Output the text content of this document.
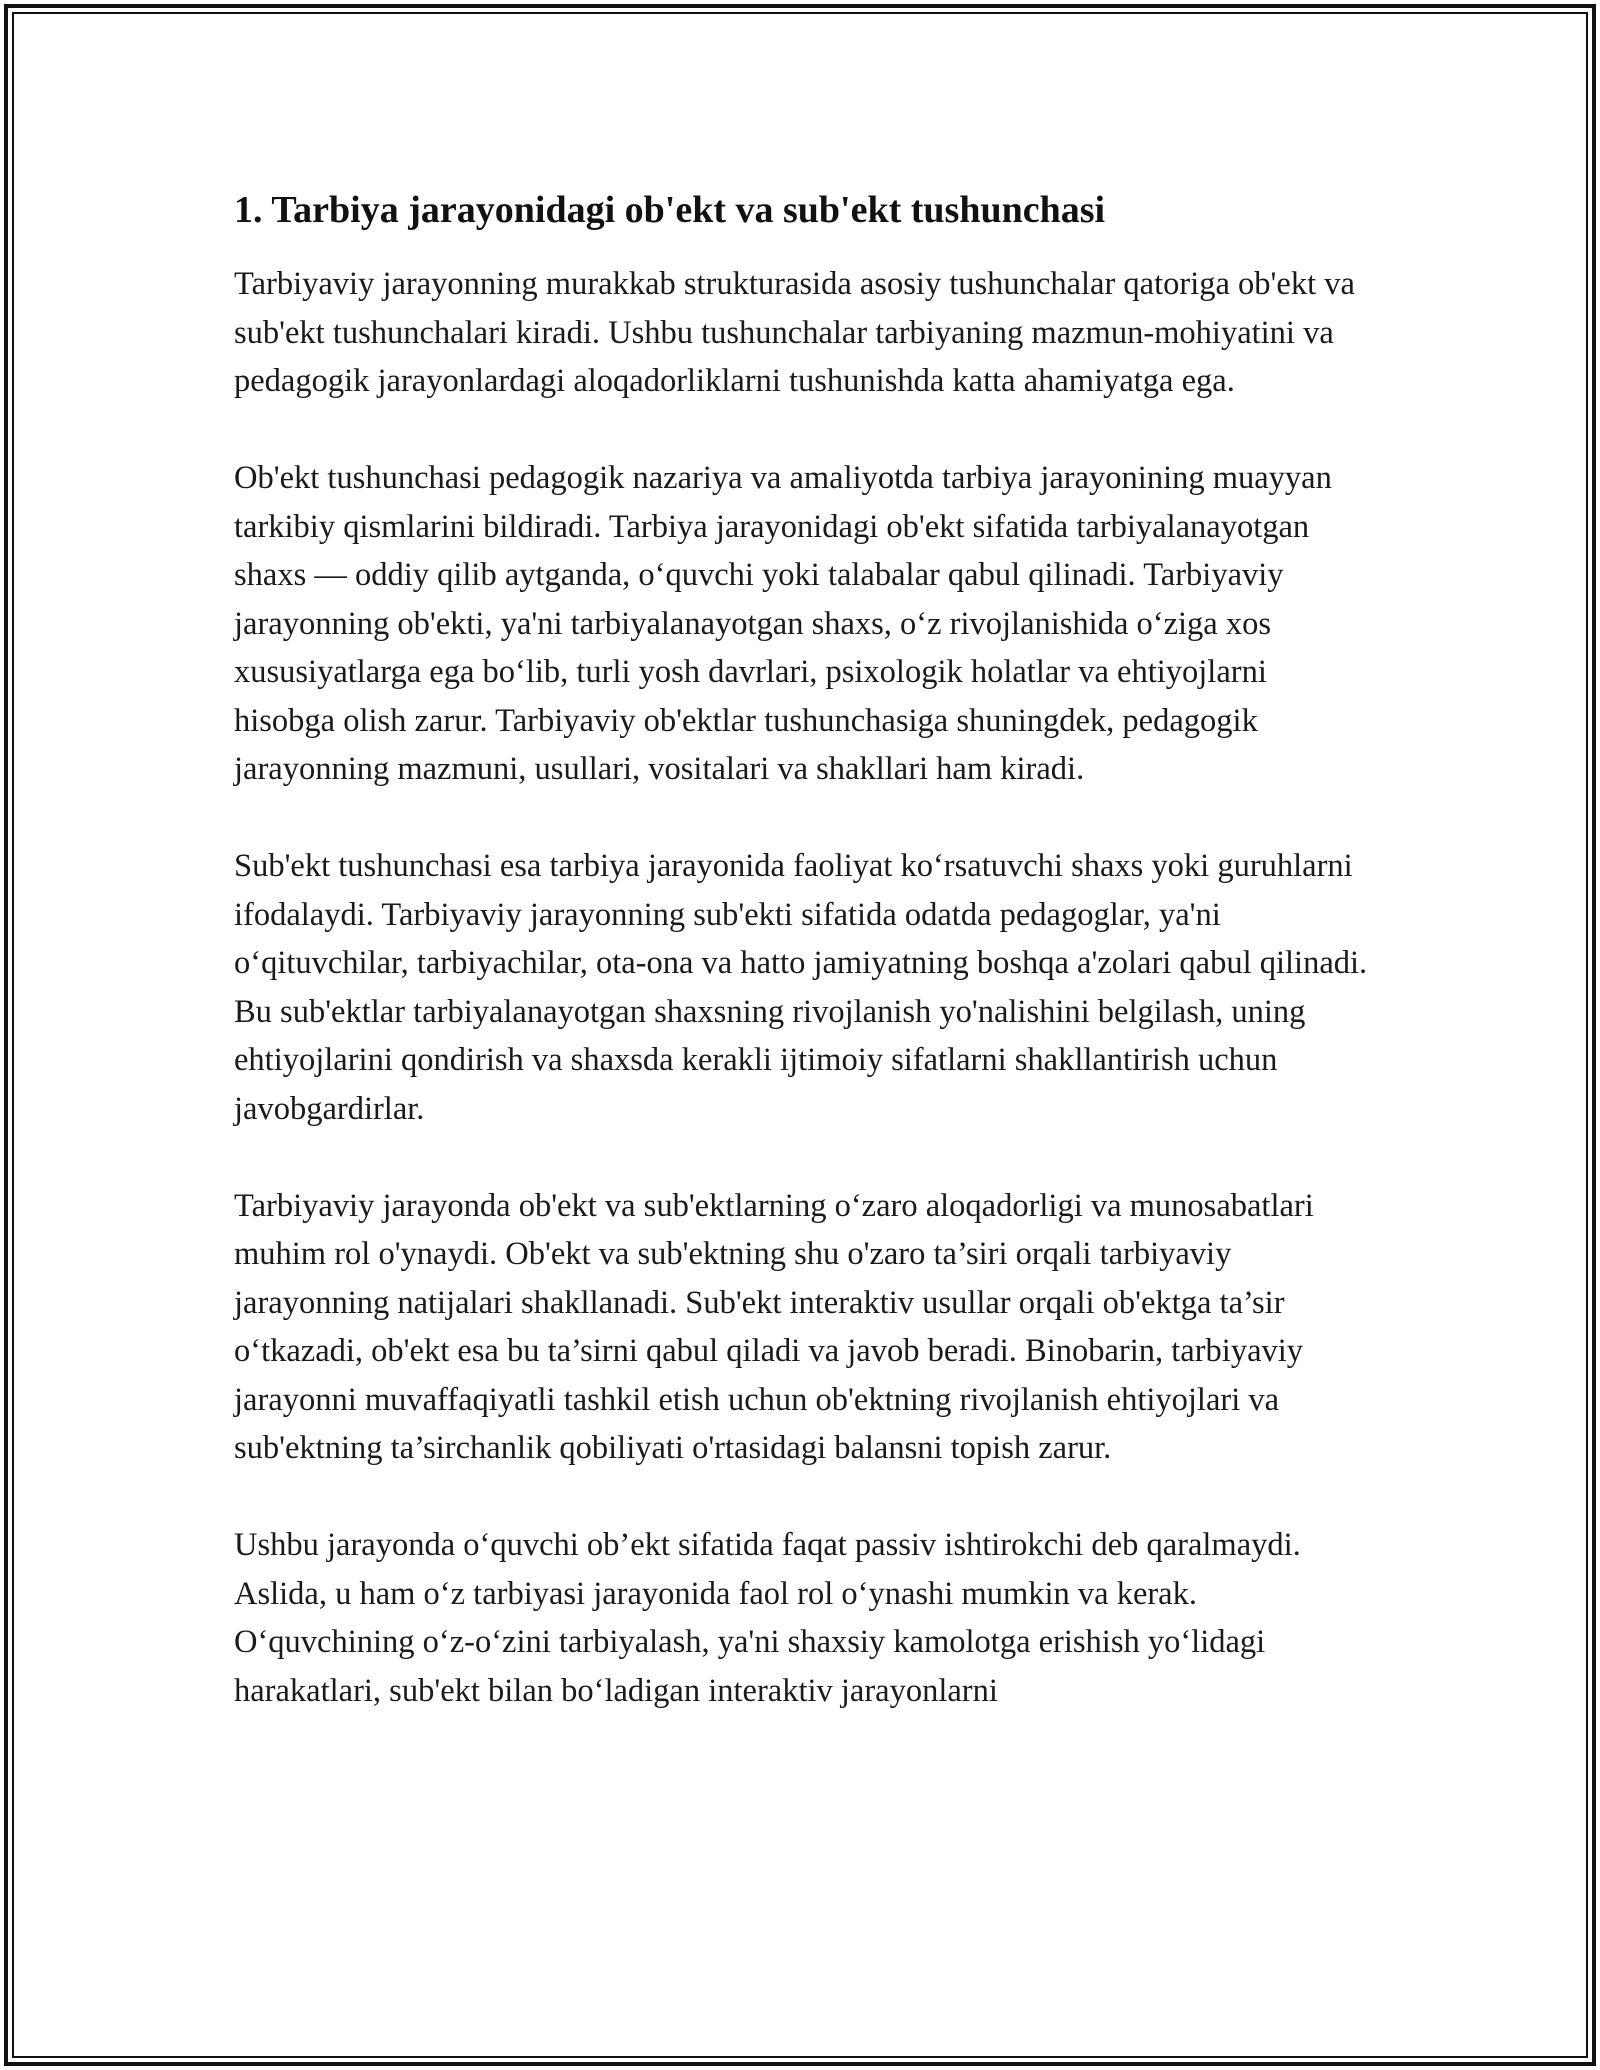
1. Tarbiya jarayonidagi ob'ekt va sub'ekt tushunchasi

Tarbiyaviy jarayonning murakkab strukturasida asosiy tushunchalar qatoriga ob'ekt va sub'ekt tushunchalari kiradi. Ushbu tushunchalar tarbiyaning mazmun-mohiyatini va pedagogik jarayonlardagi aloqadorliklarni tushunishda katta ahamiyatga ega.

Ob'ekt tushunchasi pedagogik nazariya va amaliyotda tarbiya jarayonining muayyan tarkibiy qismlarini bildiradi. Tarbiya jarayonidagi ob'ekt sifatida tarbiyalanayotgan shaxs — oddiy qilib aytganda, o‘quvchi yoki talabalar qabul qilinadi. Tarbiyaviy jarayonning ob'ekti, ya'ni tarbiyalanayotgan shaxs, o‘z rivojlanishida o‘ziga xos xususiyatlarga ega bo‘lib, turli yosh davrlari, psixologik holatlar va ehtiyojlarni hisobga olish zarur. Tarbiyaviy ob'ektlar tushunchasiga shuningdek, pedagogik jarayonning mazmuni, usullari, vositalari va shakllari ham kiradi.

Sub'ekt tushunchasi esa tarbiya jarayonida faoliyat ko‘rsatuvchi shaxs yoki guruhlarni ifodalaydi. Tarbiyaviy jarayonning sub'ekti sifatida odatda pedagoglar, ya'ni o‘qituvchilar, tarbiyachilar, ota-ona va hatto jamiyatning boshqa a'zolari qabul qilinadi. Bu sub'ektlar tarbiyalanayotgan shaxsning rivojlanish yo'nalishini belgilash, uning ehtiyojlarini qondirish va shaxsda kerakli ijtimoiy sifatlarni shakllantirish uchun javobgardirlar.

Tarbiyaviy jarayonda ob'ekt va sub'ektlarning o‘zaro aloqadorligi va munosabatlari muhim rol o'ynaydi. Ob'ekt va sub'ektning shu o'zaro ta’siri orqali tarbiyaviy jarayonning natijalari shakllanadi. Sub'ekt interaktiv usullar orqali ob'ektga ta’sir o‘tkazadi, ob'ekt esa bu ta’sirni qabul qiladi va javob beradi. Binobarin, tarbiyaviy jarayonni muvaffaqiyatli tashkil etish uchun ob'ektning rivojlanish ehtiyojlari va sub'ektning ta’sirchanlik qobiliyati o'rtasidagi balansni topish zarur.

Ushbu jarayonda o‘quvchi ob’ekt sifatida faqat passiv ishtirokchi deb qaralmaydi. Aslida, u ham o‘z tarbiyasi jarayonida faol rol o‘ynashi mumkin va kerak. O‘quvchining o‘z-o‘zini tarbiyalash, ya'ni shaxsiy kamolotga erishish yo‘lidagi harakatlari, sub'ekt bilan bo‘ladigan interaktiv jarayonlarni
